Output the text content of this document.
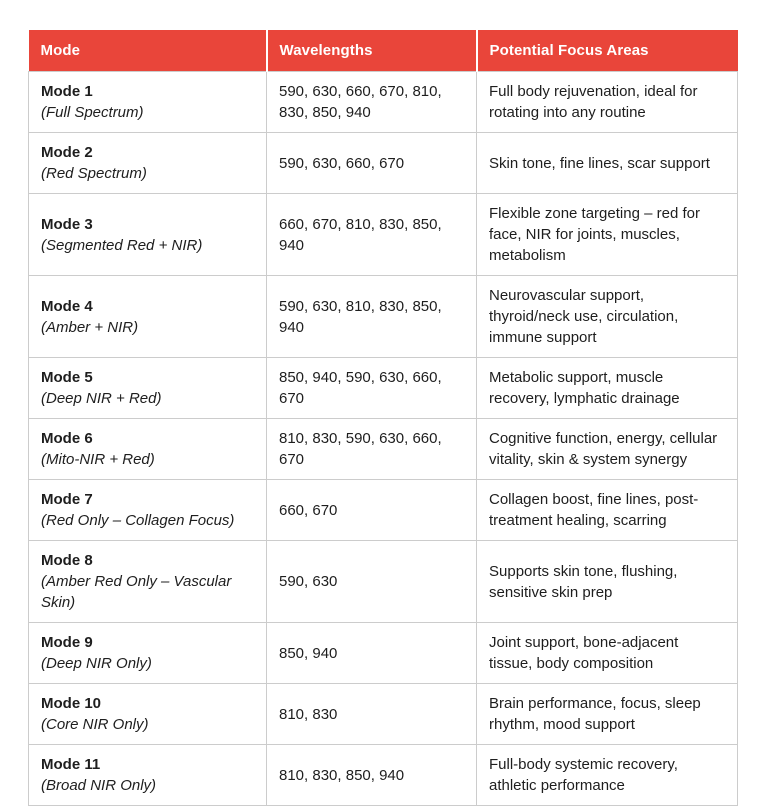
Mode	Wavelengths	Potential Focus Areas

Mode 1
(Full Spectrum)	590, 630, 660, 670, 810, 830, 850, 940	Full body rejuvenation, ideal for rotating into any routine

Mode 2
(Red Spectrum)	590, 630, 660, 670	Skin tone, fine lines, scar support

Mode 3
(Segmented Red + NIR)	660, 670, 810, 830, 850, 940	Flexible zone targeting – red for face, NIR for joints, muscles, metabolism

Mode 4
(Amber + NIR)	590, 630, 810, 830, 850, 940	Neurovascular support, thyroid/neck use, circulation, immune support

Mode 5
(Deep NIR + Red)	850, 940, 590, 630, 660, 670	Metabolic support, muscle recovery, lymphatic drainage

Mode 6
(Mito-NIR + Red)	810, 830, 590, 630, 660, 670	Cognitive function, energy, cellular vitality, skin & system synergy

Mode 7
(Red Only – Collagen Focus)	660, 670	Collagen boost, fine lines, post-treatment healing, scarring

Mode 8
(Amber Red Only – Vascular Skin)	590, 630	Supports skin tone, flushing, sensitive skin prep

Mode 9
(Deep NIR Only)	850, 940	Joint support, bone-adjacent tissue, body composition

Mode 10
(Core NIR Only)	810, 830	Brain performance, focus, sleep rhythm, mood support

Mode 11
(Broad NIR Only)	810, 830, 850, 940	Full-body systemic recovery, athletic performance
